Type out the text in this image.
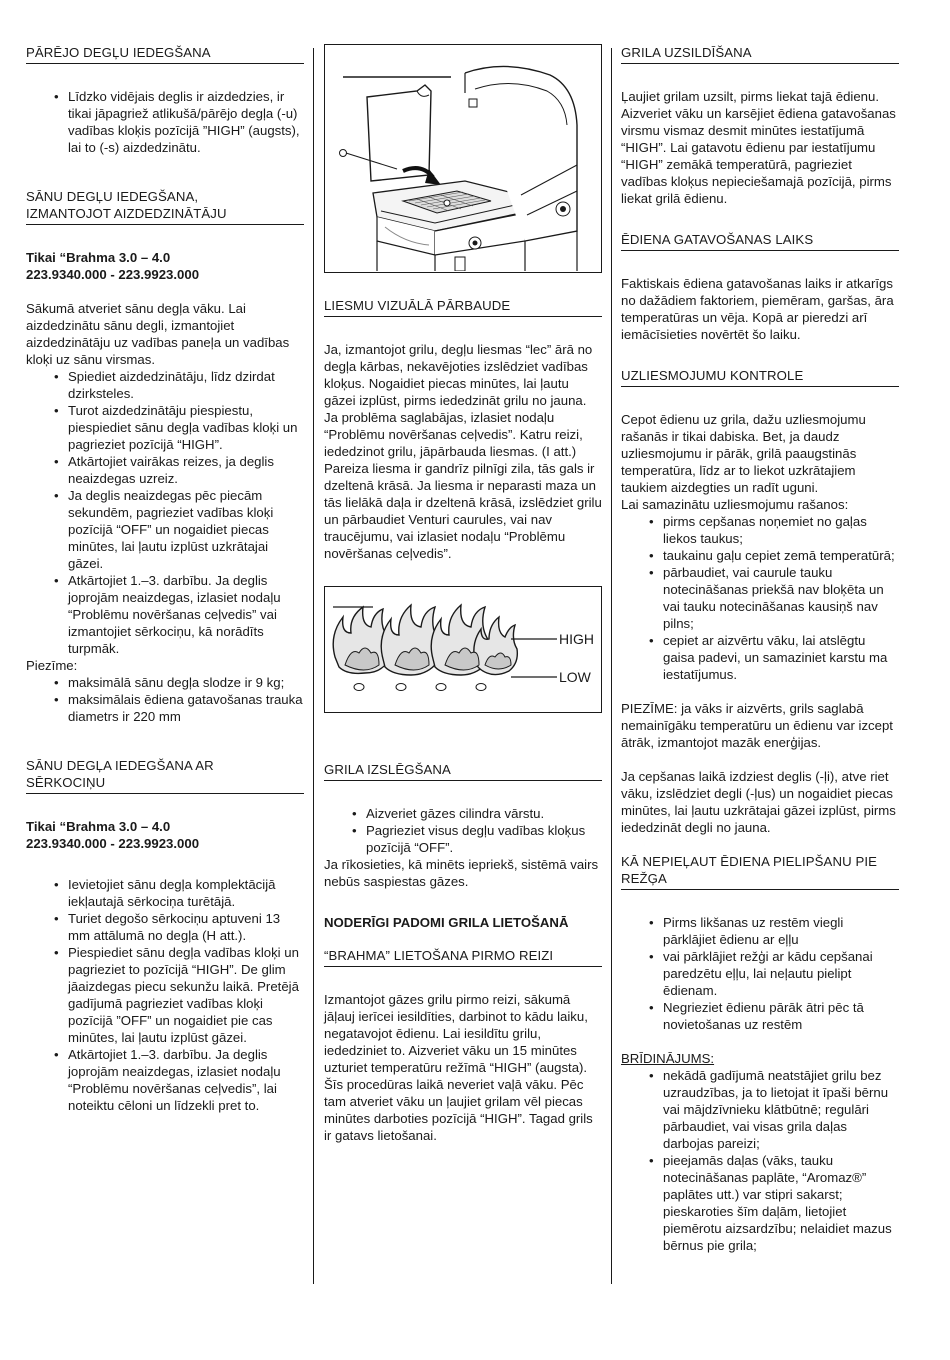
PĀRĒJO DEGĻU IEDEGŠANA
• Līdzko vidējais deglis ir aizdedzies, ir tikai jāpagriež atlikušā/pārējo degļa (-u) vadības kloķis pozīcijā ”HIGH” (augsts), lai to (-s) aizdedzinātu.
SĀNU DEGĻU IEDEGŠANA,
IZMANTOJOT AIZDEDZINĀTĀJU

Tikai “Brahma 3.0 – 4.0
223.9340.000 - 223.9923.000

Sākumā atveriet sānu degļa vāku. Lai aizdedzinātu sānu degli, izmantojiet aizdedzinātāju uz vadības paneļa un vadības kloķi uz sānu virsmas.

• Spiediet aizdedzinātāju, līdz dzirdat dzirksteles.
• Turot aizdedzinātāju piespiestu, piespiediet sānu degļa vadības kloķi un pagrieziet pozīcijā “HIGH”.
• Atkārtojiet vairākas reizes, ja deglis neaizdegas uzreiz.
• Ja deglis neaizdegas pēc piecām sekundēm, pagrieziet vadības kloķi pozīcijā “OFF” un nogaidiet piecas minūtes, lai ļautu izplūst uzkrātajai gāzei.
• Atkārtojiet 1.–3. darbību. Ja deglis joprojām neaizdegas, izlasiet nodaļu “Problēmu novēršanas ceļvedis” vai izmantojiet sērkociņu, kā norādīts turpmāk.

Piezīme:

• maksimālā sānu degļa slodze ir 9 kg;
• maksimālais ēdiena gatavošanas trauka diametrs ir 220 mm
SĀNU DEGĻA IEDEGŠANA AR
SĒRKOCIŅU

Tikai “Brahma 3.0 – 4.0
223.9340.000 - 223.9923.000

• Ievietojiet sānu degļa komplektācijā iekļautajā sērkociņa turētājā.
• Turiet degošo sērkociņu aptuveni 13 mm attālumā no degļa (H att.).
• Piespiediet sānu degļa vadības kloķi un pagrieziet to pozīcijā “HIGH”. De glim jāaizdegas piecu sekunžu laikā. Pretējā gadījumā pagrieziet vadības kloķi pozīcijā ”OFF” un nogaidiet pie cas minūtes, lai ļautu izplūst gāzei.
• Atkārtojiet 1.–3. darbību. Ja deglis joprojām neaizdegas, izlasiet nodaļu “Problēmu novēršanas ceļvedis”, lai noteiktu cēloni un līdzekli pret to.
LIESMU VIZUĀLĀ PĀRBAUDE

Ja, izmantojot grilu, degļu liesmas “lec” ārā no degļa kārbas, nekavējoties izslēdziet vadības kloķus. Nogaidiet piecas minūtes, lai ļautu gāzei izplūst, pirms iededzināt grilu no jauna. Ja problēma saglabājas, izlasiet nodaļu “Problēmu novēršanas ceļvedis”. Katru reizi, iededzinot grilu, jāpārbauda liesmas. (I att.) Pareiza liesma ir gandrīz pilnīgi zila, tās gals ir dzeltenā krāsā. Ja liesma ir neparasti maza un tās lielākā daļa ir dzeltenā krāsā, izslēdziet grilu un pārbaudiet Venturi caurules, vai nav traucējumu, vai izlasiet nodaļu “Problēmu novēršanas ceļvedis”.

HIGH
LOW
GRILA IZSLĒGŠANA
• Aizveriet gāzes cilindra vārstu.
• Pagrieziet visus degļu vadības kloķus pozīcijā “OFF”.

Ja rīkosieties, kā minēts iepriekš, sistēmā vairs nebūs saspiestas gāzes.

NODERĪGI PADOMI GRILA LIETOŠANĀ

“BRAHMA” LIETOŠANA PIRMO REIZI

Izmantojot gāzes grilu pirmo reizi, sākumā jāļauj ierīcei iesildīties, darbinot to kādu laiku, negatavojot ēdienu. Lai iesildītu grilu, iededziniet to. Aizveriet vāku un 15 minūtes uzturiet temperatūru režīmā “HIGH” (augsta). Šīs procedūras laikā neveriet vaļā vāku. Pēc tam atveriet vāku un ļaujiet grilam vēl piecas minūtes darboties pozīcijā “HIGH”. Tagad grils ir gatavs lietošanai.

GRILA UZSILDĪŠANA

Ļaujiet grilam uzsilt, pirms liekat tajā ēdienu. Aizveriet vāku un karsējiet ēdiena gatavošanas virsmu vismaz desmit minūtes iestatījumā “HIGH”. Lai gatavotu ēdienu par iestatījumu “HIGH” zemākā temperatūrā, pagrieziet vadības kloķus nepieciešamajā pozīcijā, pirms liekat grilā ēdienu.

ĒDIENA GATAVOŠANAS LAIKS

Faktiskais ēdiena gatavošanas laiks ir atkarīgs no dažādiem faktoriem, piemēram, garšas, āra temperatūras un vēja. Kopā ar pieredzi arī iemācīsieties novērtēt šo laiku.

UZLIESMOJUMU KONTROLE

Cepot ēdienu uz grila, dažu uzliesmojumu rašanās ir tikai dabiska. Bet, ja daudz uzliesmojumu ir pārāk, grilā paaugstinās temperatūra, līdz ar to liekot uzkrātajiem taukiem aizdegties un radīt uguni.

Lai samazinātu uzliesmojumu rašanos:

• pirms cepšanas noņemiet no gaļas liekos taukus;
• taukainu gaļu cepiet zemā temperatūrā;
• pārbaudiet, vai caurule tauku notecināšanas priekšā nav bloķēta un vai tauku notecināšanas kausiņš nav pilns;
• cepiet ar aizvērtu vāku, lai atslēgtu gaisa padevi, un samaziniet karstu ma iestatījumus.

PIEZĪME: ja vāks ir aizvērts, grils saglabā nemainīgāku temperatūru un ēdienu var izcept ātrāk, izmantojot mazāk enerģijas.

Ja cepšanas laikā izdziest deglis (-ļi), atve riet vāku, izslēdziet degli (-ļus) un nogaidiet piecas minūtes, lai ļautu uzkrātajai gāzei izplūst, pirms iededzināt degli no jauna.

KĀ NEPIEĻAUT ĒDIENA PIELIPŠANU PIE
REŽĢA
• Pirms likšanas uz restēm viegli pārklājiet ēdienu ar eļļu
• vai pārklājiet režģi ar kādu cepšanai paredzētu eļļu, lai neļautu pielipt ēdienam.
• Negrieziet ēdienu pārāk ātri pēc tā novietošanas uz restēm

BRĪDINĀJUMS:

• nekādā gadījumā neatstājiet grilu bez uzraudzības, ja to lietojat it īpaši bērnu vai mājdzīvnieku klātbūtnē; regulāri pārbaudiet, vai visas grila daļas darbojas pareizi;
• pieejamās daļas (vāks, tauku notecināšanas paplāte, “Aromaz®” paplātes utt.) var stipri sakarst; pieskaroties šīm daļām, lietojiet piemērotu aizsardzību; nelaidiet mazus bērnus pie grila;
